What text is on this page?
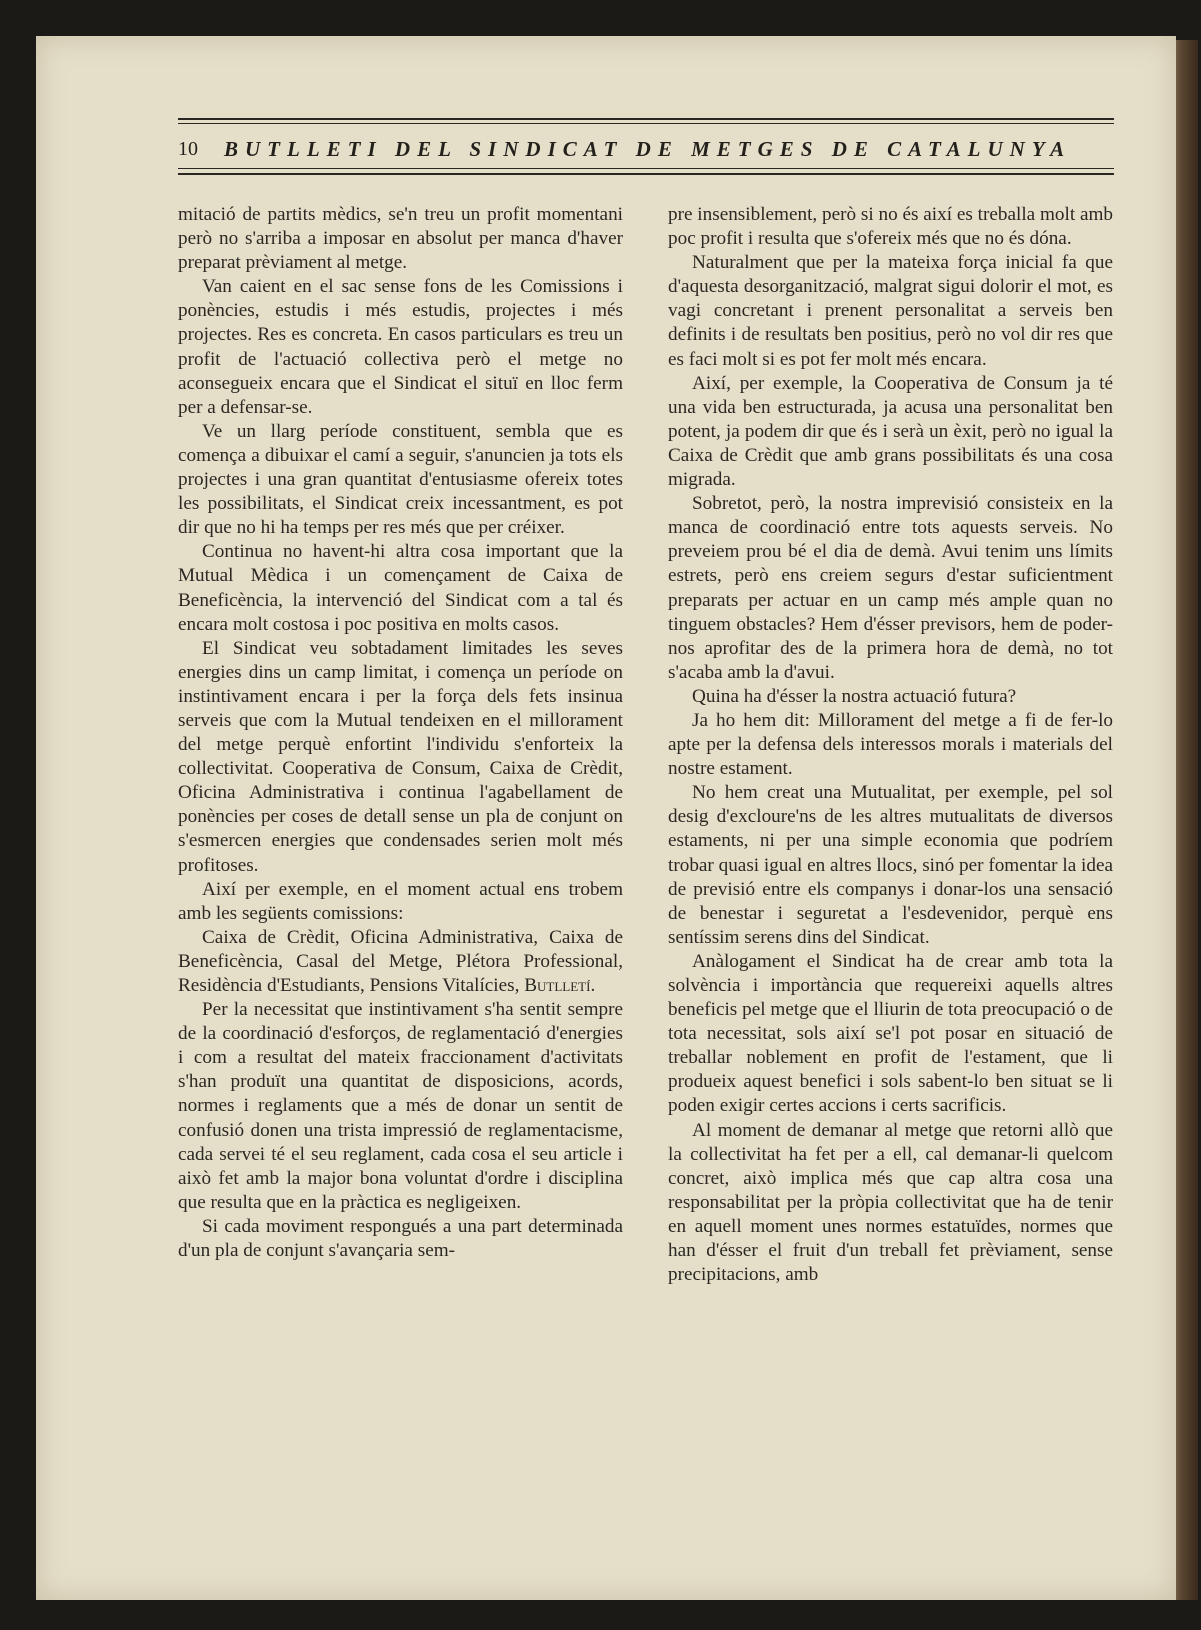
10 BUTLLETI DEL SINDICAT DE METGES DE CATALUNYA

mitació de partits mèdics, se'n treu un profit momentani però no s'arriba a imposar en absolut per manca d'haver preparat prèviament al metge.

Van caient en el sac sense fons de les Comissions i ponències, estudis i més estudis, projectes i més projectes. Res es concreta. En casos particulars es treu un profit de l'actuació collectiva però el metge no aconsegueix encara que el Sindicat el situï en lloc ferm per a defensar-se.

Ve un llarg període constituent, sembla que es comença a dibuixar el camí a seguir, s'anuncien ja tots els projectes i una gran quantitat d'entusiasme ofereix totes les possibilitats, el Sindicat creix incessantment, es pot dir que no hi ha temps per res més que per créixer.

Continua no havent-hi altra cosa important que la Mutual Mèdica i un començament de Caixa de Beneficència, la intervenció del Sindicat com a tal és encara molt costosa i poc positiva en molts casos.

El Sindicat veu sobtadament limitades les seves energies dins un camp limitat, i comença un període on instintivament encara i per la força dels fets insinua serveis que com la Mutual tendeixen en el millorament del metge perquè enfortint l'individu s'enforteix la collectivitat. Cooperativa de Consum, Caixa de Crèdit, Oficina Administrativa i continua l'agabellament de ponències per coses de detall sense un pla de conjunt on s'esmercen energies que condensades serien molt més profitoses.

Així per exemple, en el moment actual ens trobem amb les següents comissions:

Caixa de Crèdit, Oficina Administrativa, Caixa de Beneficència, Casal del Metge, Plétora Professional, Residència d'Estudiants, Pensions Vitalícies, Butlletí.

Per la necessitat que instintivament s'ha sentit sempre de la coordinació d'esforços, de reglamentació d'energies i com a resultat del mateix fraccionament d'activitats s'han produït una quantitat de disposicions, acords, normes i reglaments que a més de donar un sentit de confusió donen una trista impressió de reglamentacisme, cada servei té el seu reglament, cada cosa el seu article i això fet amb la major bona voluntat d'ordre i disciplina que resulta que en la pràctica es negligeixen.

Si cada moviment respongués a una part determinada d'un pla de conjunt s'avançaria sem-

pre insensiblement, però si no és així es treballa molt amb poc profit i resulta que s'ofereix més que no és dóna.

Naturalment que per la mateixa força inicial fa que d'aquesta desorganització, malgrat sigui dolorir el mot, es vagi concretant i prenent personalitat a serveis ben definits i de resultats ben positius, però no vol dir res que es faci molt si es pot fer molt més encara.

Així, per exemple, la Cooperativa de Consum ja té una vida ben estructurada, ja acusa una personalitat ben potent, ja podem dir que és i serà un èxit, però no igual la Caixa de Crèdit que amb grans possibilitats és una cosa migrada.

Sobretot, però, la nostra imprevisió consisteix en la manca de coordinació entre tots aquests serveis. No preveiem prou bé el dia de demà. Avui tenim uns límits estrets, però ens creiem segurs d'estar suficientment preparats per actuar en un camp més ample quan no tinguem obstacles? Hem d'ésser previsors, hem de poder-nos aprofitar des de la primera hora de demà, no tot s'acaba amb la d'avui.

Quina ha d'ésser la nostra actuació futura?

Ja ho hem dit: Millorament del metge a fi de fer-lo apte per la defensa dels interessos morals i materials del nostre estament.

No hem creat una Mutualitat, per exemple, pel sol desig d'excloure'ns de les altres mutualitats de diversos estaments, ni per una simple economia que podríem trobar quasi igual en altres llocs, sinó per fomentar la idea de previsió entre els companys i donar-los una sensació de benestar i seguretat a l'esdevenidor, perquè ens sentíssim serens dins del Sindicat.

Anàlogament el Sindicat ha de crear amb tota la solvència i importància que requereixi aquells altres beneficis pel metge que el lliurin de tota preocupació o de tota necessitat, sols així se'l pot posar en situació de treballar noblement en profit de l'estament, que li produeix aquest benefici i sols sabent-lo ben situat se li poden exigir certes accions i certs sacrificis.

Al moment de demanar al metge que retorni allò que la collectivitat ha fet per a ell, cal demanar-li quelcom concret, això implica més que cap altra cosa una responsabilitat per la pròpia collectivitat que ha de tenir en aquell moment unes normes estatuïdes, normes que han d'ésser el fruit d'un treball fet prèviament, sense precipitacions, amb
